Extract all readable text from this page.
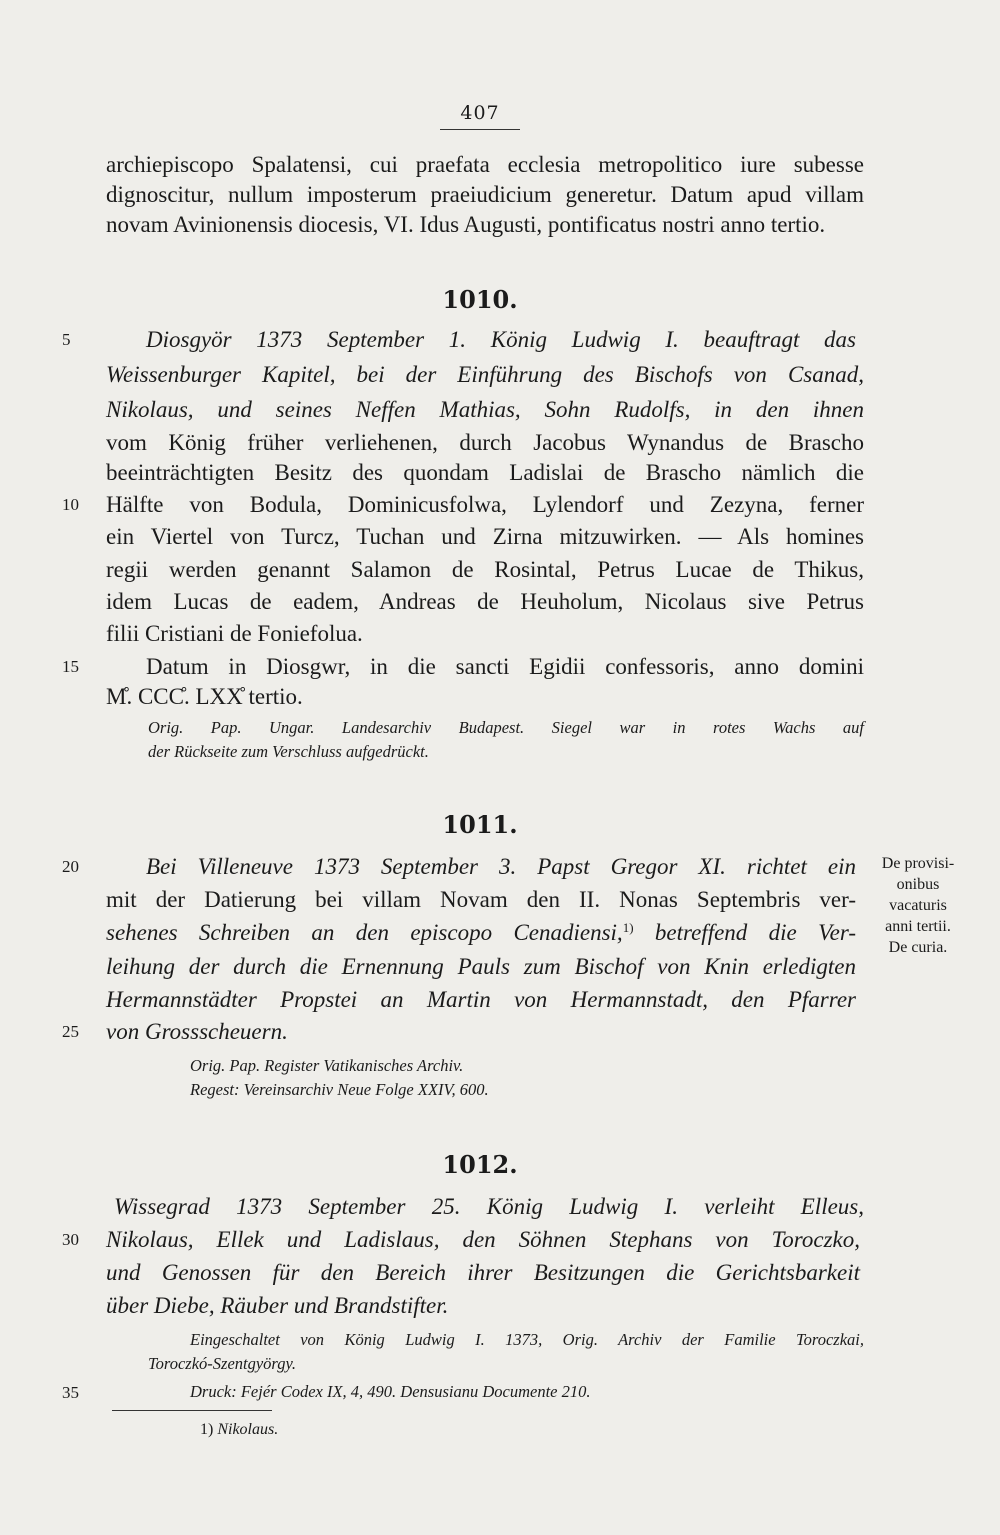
407
archiepiscopo Spalatensi, cui praefata ecclesia metropolitico iure subesse
dignoscitur, nullum imposterum praeiudicium generetur. Datum apud villam
novam Avinionensis diocesis, VI. Idus Augusti, pontificatus nostri anno tertio.
1010.
5	Diosgyör 1373 September 1. König Ludwig I. beauftragt das
Weissenburger Kapitel, bei der Einführung des Bischofs von Csanad,
Nikolaus, und seines Neffen Mathias, Sohn Rudolfs, in den ihnen
vom König früher verliehenen, durch Jacobus Wynandus de Brascho
beeinträchtigten Besitz des quondam Ladislai de Brascho nämlich die
10	Hälfte von Bodula, Dominicusfolwa, Lylendorf und Zezyna, ferner
ein Viertel von Turcz, Tuchan und Zirna mitzuwirken. — Als homines
regii werden genannt Salamon de Rosintal, Petrus Lucae de Thikus,
idem Lucas de eadem, Andreas de Heuholum, Nicolaus sive Petrus
filii Cristiani de Foniefolua.
15	Datum in Diosgwr, in die sancti Egidii confessoris, anno domini
M̊. CCC̊. LXX̊ tertio.
Orig. Pap. Ungar. Landesarchiv Budapest. Siegel war in rotes Wachs auf
der Rückseite zum Verschluss aufgedrückt.
1011.
20	Bei Villeneuve 1373 September 3. Papst Gregor XI. richtet ein
mit der Datierung bei villam Novam den II. Nonas Septembris ver-
sehenes Schreiben an den episcopo Cenadiensi,$^{1)}$ betreffend die Ver-
leihung der durch die Ernennung Pauls zum Bischof von Knin erledigten
Hermannstädter Propstei an Martin von Hermannstadt, den Pfarrer
25	von Grossscheuern.
Orig. Pap. Register Vatikanisches Archiv.
Regest: Vereinsarchiv Neue Folge XXIV, 600.
De provisi-
onibus
vacaturis
anni tertii.
De curia.
1012.
Wissegrad 1373 September 25. König Ludwig I. verleiht Elleus,
30	Nikolaus, Ellek und Ladislaus, den Söhnen Stephans von Toroczko,
und Genossen für den Bereich ihrer Besitzungen die Gerichtsbarkeit
über Diebe, Räuber und Brandstifter.
Eingeschaltet von König Ludwig I. 1373, Orig. Archiv der Familie Toroczkai,
Toroczkó-Szentgyörgy.
35	Druck: Fejér Codex IX, 4, 490. Densusianu Documente 210.
1) Nikolaus.
